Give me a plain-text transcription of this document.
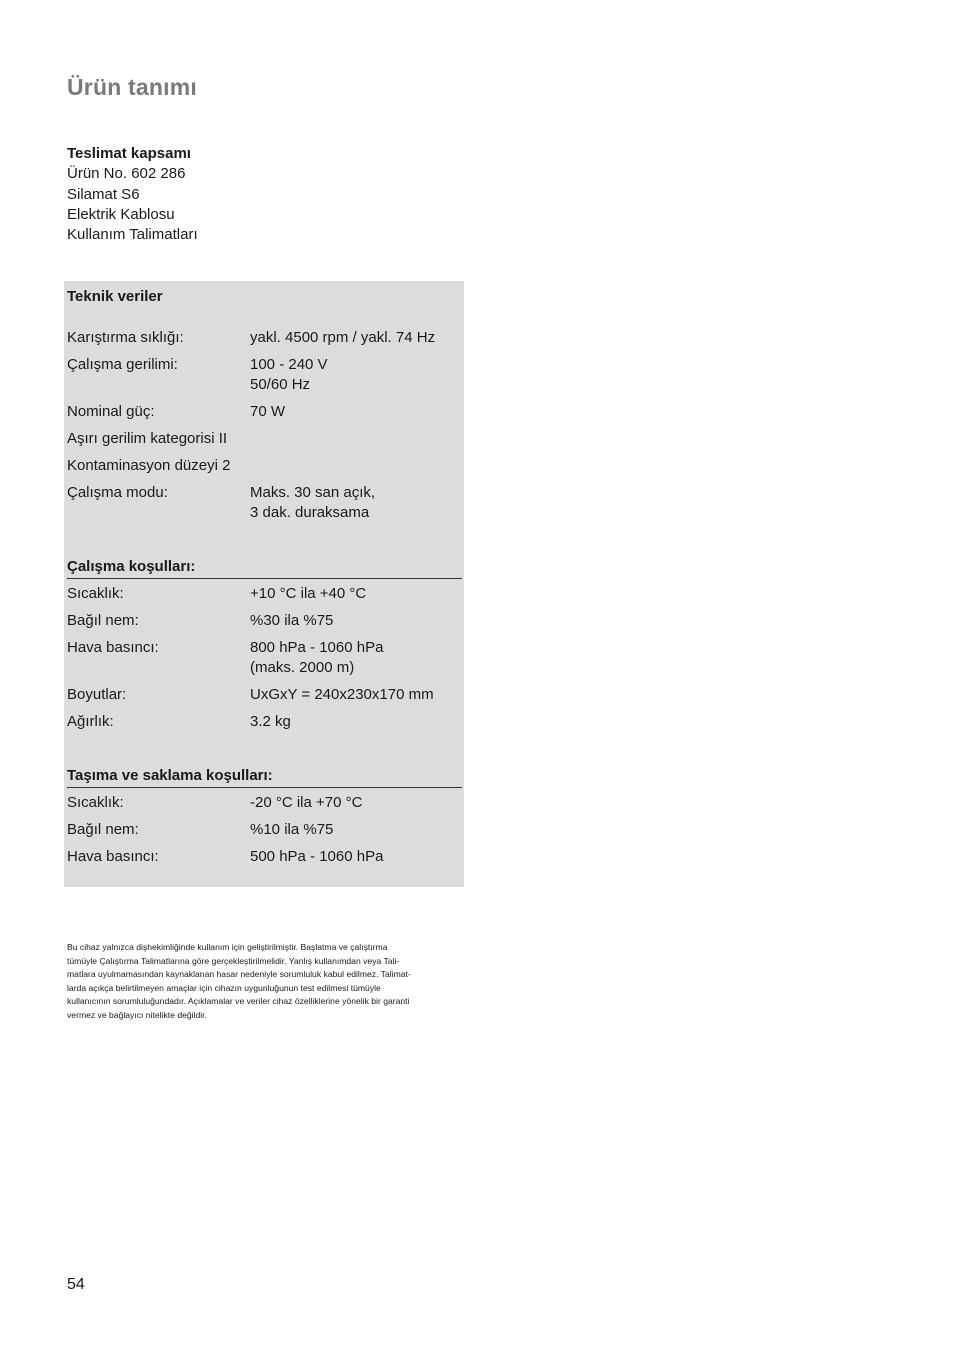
Ürün tanımı
Teslimat kapsamı
Ürün No. 602 286
Silamat S6
Elektrik Kablosu
Kullanım Talimatları
Teknik veriler
Karıştırma sıklığı:	yakl. 4500 rpm / yakl. 74 Hz
Çalışma gerilimi:	100 - 240 V
50/60 Hz
Nominal güç:	70 W
Aşırı gerilim kategorisi II
Kontaminasyon düzeyi 2
Çalışma modu:	Maks. 30 san açık,
3 dak. duraksama
Çalışma koşulları:
Sıcaklık:	+10 °C ila +40 °C
Bağıl nem:	%30 ila %75
Hava basıncı:	800 hPa - 1060 hPa
(maks. 2000 m)
Boyutlar:	UxGxY = 240x230x170 mm
Ağırlık:	3.2 kg
Taşıma ve saklama koşulları:
Sıcaklık:	-20 °C ila +70 °C
Bağıl nem:	%10 ila %75
Hava basıncı:	500 hPa - 1060 hPa
Bu cihaz yalnızca dişhekimliğinde kullanım için geliştirilmiştir. Başlatma ve çalıştırma
tümüyle Çalıştırma Talimatlarına göre gerçekleştirilmelidir. Yanlış kullanımdan veya Tali-
matlara uyulmamasından kaynaklanan hasar nedeniyle sorumluluk kabul edilmez. Talimat-
larda açıkça belirtilmeyen amaçlar için cihazın uygunluğunun test edilmesi tümüyle
kullanıcının sorumluluğundadır. Açıklamalar ve veriler cihaz özelliklerine yönelik bir garanti
vermez ve bağlayıcı nitelikte değildir.
54
